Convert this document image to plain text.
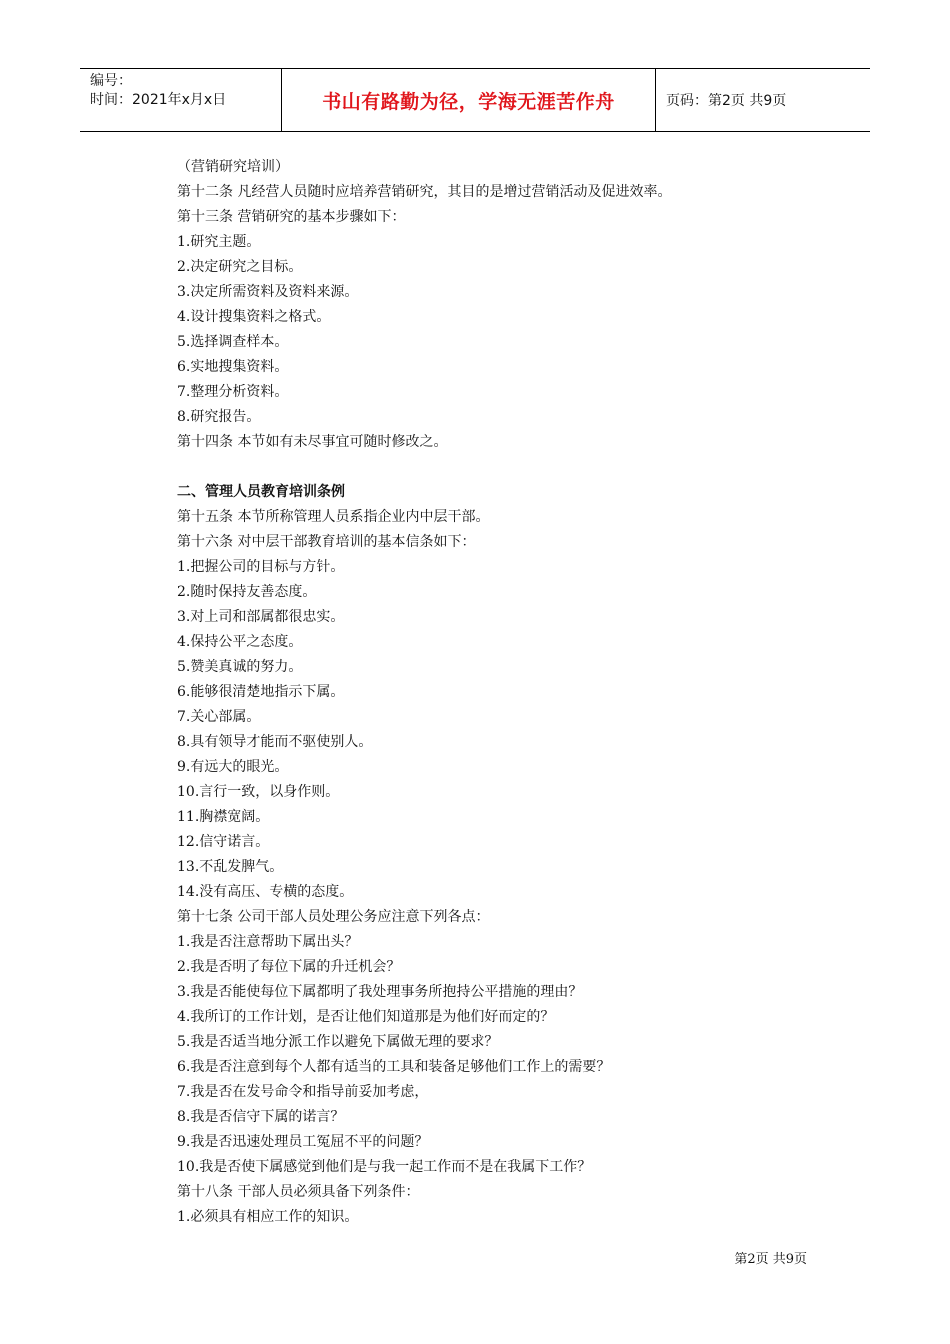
编号：
时间：2021年x月x日	书山有路勤为径，学海无涯苦作舟	页码：第2页 共9页
（营销研究培训）
第十二条 凡经营人员随时应培养营销研究，其目的是增过营销活动及促进效率。
第十三条 营销研究的基本步骤如下：
1.研究主题。
2.决定研究之目标。
3.决定所需资料及资料来源。
4.设计搜集资料之格式。
5.选择调查样本。
6.实地搜集资料。
7.整理分析资料。
8.研究报告。
第十四条 本节如有未尽事宜可随时修改之。
二、管理人员教育培训条例
第十五条 本节所称管理人员系指企业内中层干部。
第十六条 对中层干部教育培训的基本信条如下：
1.把握公司的目标与方针。
2.随时保持友善态度。
3.对上司和部属都很忠实。
4.保持公平之态度。
5.赞美真诚的努力。
6.能够很清楚地指示下属。
7.关心部属。
8.具有领导才能而不驱使别人。
9.有远大的眼光。
10.言行一致，以身作则。
11.胸襟宽阔。
12.信守诺言。
13.不乱发脾气。
14.没有高压、专横的态度。
第十七条 公司干部人员处理公务应注意下列各点：
1.我是否注意帮助下属出头？
2.我是否明了每位下属的升迁机会？
3.我是否能使每位下属都明了我处理事务所抱持公平措施的理由？
4.我所订的工作计划，是否让他们知道那是为他们好而定的？
5.我是否适当地分派工作以避免下属做无理的要求？
6.我是否注意到每个人都有适当的工具和装备足够他们工作上的需要？
7.我是否在发号命令和指导前妥加考虑，
8.我是否信守下属的诺言？
9.我是否迅速处理员工冤屈不平的问题？
10.我是否使下属感觉到他们是与我一起工作而不是在我属下工作？
第十八条 干部人员必须具备下列条件：
1.必须具有相应工作的知识。
第2页 共9页
